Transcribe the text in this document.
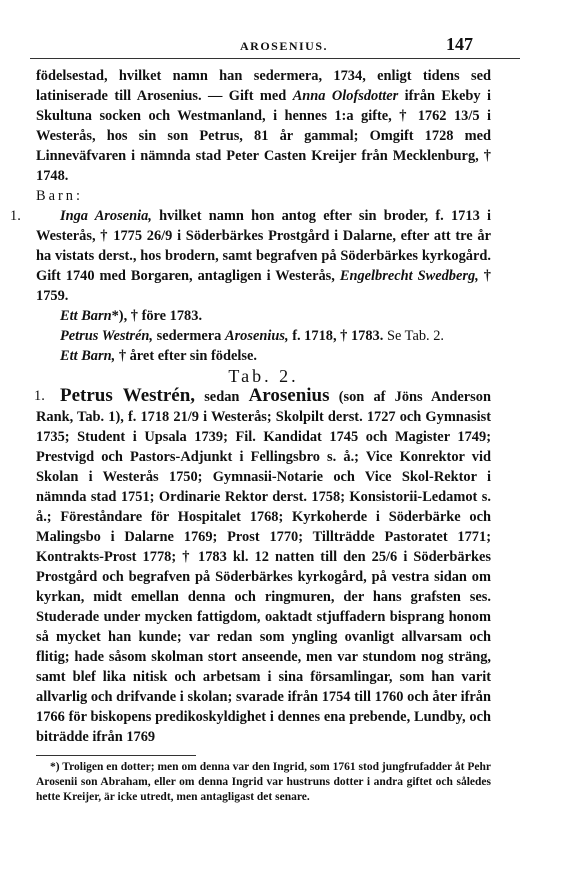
AROSENIUS.	147

födelsestad, hvilket namn han sedermera, 1734, enligt tidens sed latiniserade till Arosenius. — Gift med Anna Olofsdotter ifrån Ekeby i Skultuna socken och Westmanland, i hennes 1:a gifte, † 1762 13/5 i Westerås, hos sin son Petrus, 81 år gammal; Omgift 1728 med Linneväfvaren i nämnda stad Peter Casten Kreijer från Mecklenburg, † 1748.

Barn:

1.	Inga Arosenia, hvilket namn hon antog efter sin broder, f. 1713 i Westerås, † 1775 26/9 i Söderbärkes Prostgård i Dalarne, efter att tre år ha vistats derst., hos brodern, samt begrafven på Söderbärkes kyrkogård. Gift 1740 med Borgaren, antagligen i Westerås, Engelbrecht Swedberg, † 1759.

Ett Barn*), † före 1783.

Petrus Westrén, sedermera Arosenius, f. 1718, † 1783. Se Tab. 2.

Ett Barn, † året efter sin födelse.

Tab. 2.

1. Petrus Westrén, sedan Arosenius (son af Jöns Anderson Rank, Tab. 1), f. 1718 21/9 i Westerås; Skolpilt derst. 1727 och Gymnasist 1735; Student i Upsala 1739; Fil. Kandidat 1745 och Magister 1749; Prestvigd och Pastors-Adjunkt i Fellingsbro s. å.; Vice Konrektor vid Skolan i Westerås 1750; Gymnasii-Notarie och Vice Skol-Rektor i nämnda stad 1751; Ordinarie Rektor derst. 1758; Konsistorii-Ledamot s. å.; Föreståndare för Hospitalet 1768; Kyrkoherde i Söderbärke och Malingsbo i Dalarne 1769; Prost 1770; Tillträdde Pastoratet 1771; Kontrakts-Prost 1778; † 1783 kl. 12 natten till den 25/6 i Söderbärkes Prostgård och begrafven på Söderbärkes kyrkogård, på vestra sidan om kyrkan, midt emellan denna och ringmuren, der hans grafsten ses. Studerade under mycken fattigdom, oaktadt stjuffadern bisprang honom så mycket han kunde; var redan som yngling ovanligt allvarsam och flitig; hade såsom skolman stort anseende, men var stundom nog sträng, samt blef lika nitisk och arbetsam i sina församlingar, som han varit allvarlig och drifvande i skolan; svarade ifrån 1754 till 1760 och åter ifrån 1766 för biskopens predikoskyldighet i dennes ena prebende, Lundby, och biträdde ifrån 1769

*) Troligen en dotter; men om denna var den Ingrid, som 1761 stod jungfrufadder åt Pehr Arosenii son Abraham, eller om denna Ingrid var hustruns dotter i andra giftet och således hette Kreijer, är icke utredt, men antagligast det senare.
